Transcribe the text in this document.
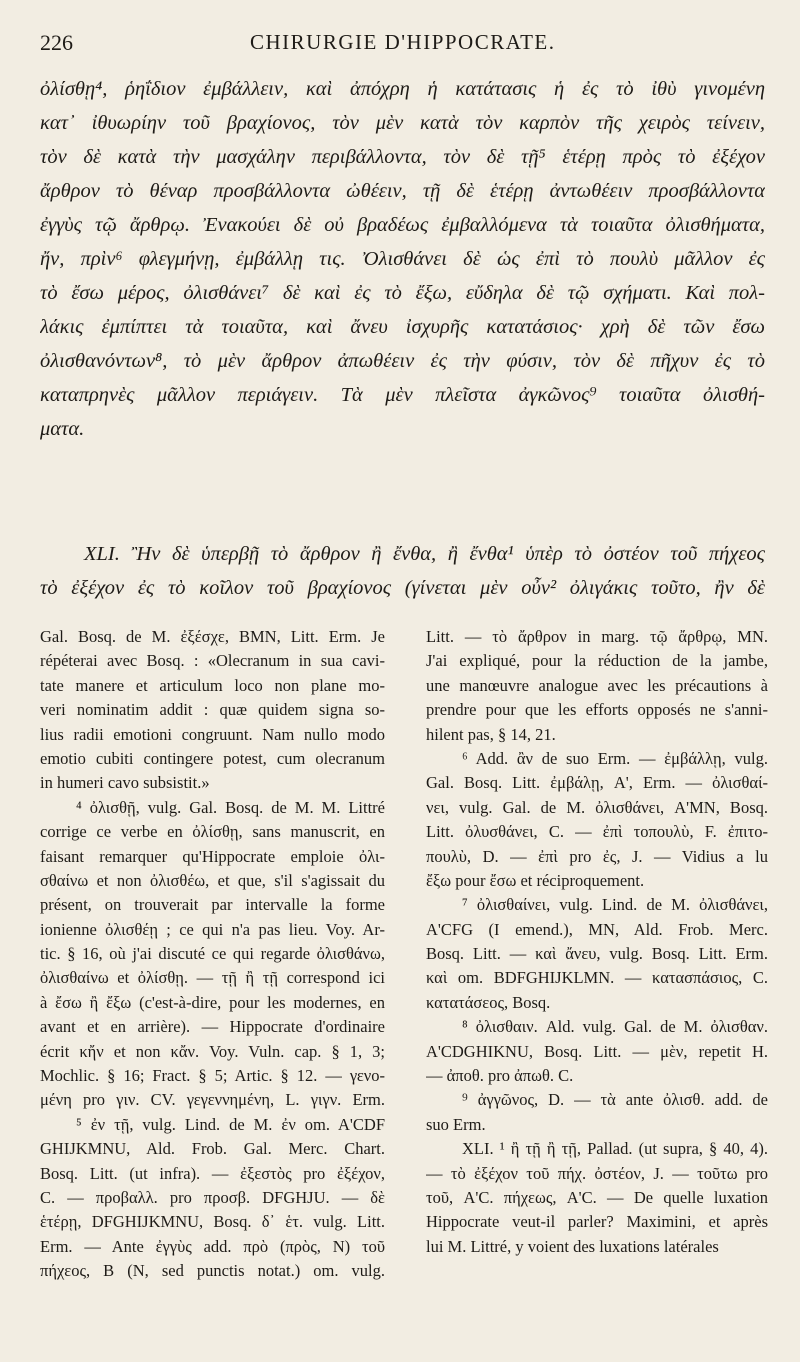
226	CHIRURGIE D'HIPPOCRATE.
ὀλίσθῃ⁴, ῥηΐδιον ἐμβάλλειν, καὶ ἀπόχρη ἡ κατάτασις ἡ ἐς τὸ ἰθὺ γινομένη
κατ᾽ ἰθυωρίην τοῦ βραχίονος, τὸν μὲν κατὰ τὸν καρπὸν τῆς χειρὸς τείνειν,
τὸν δὲ κατὰ τὴν μασχάλην περιβάλλοντα, τὸν δὲ τῇ⁵ ἑτέρῃ πρὸς τὸ ἐξέχον
ἄρθρον τὸ θέναρ προσβάλλοντα ὠθέειν, τῇ δὲ ἑτέρῃ ἀντωθέειν προσβάλλοντα
ἐγγὺς τῷ ἄρθρῳ. Ἐνακούει δὲ οὐ βραδέως ἐμβαλλόμενα τὰ τοιαῦτα ὀλισθήματα,
ἤν, πρὶν⁶ φλεγμήνῃ, ἐμβάλλῃ τις. Ὀλισθάνει δὲ ὡς ἐπὶ τὸ πουλὺ μᾶλλον ἐς
τὸ ἔσω μέρος, ὀλισθάνει⁷ δὲ καὶ ἐς τὸ ἔξω, εὔδηλα δὲ τῷ σχήματι. Καὶ πολ-
λάκις ἐμπίπτει τὰ τοιαῦτα, καὶ ἄνευ ἰσχυρῆς κατατάσιος· χρὴ δὲ τῶν ἔσω
ὀλισθανόντων⁸, τὸ μὲν ἄρθρον ἀπωθέειν ἐς τὴν φύσιν, τὸν δὲ πῆχυν ἐς τὸ
καταπρηνὲς μᾶλλον περιάγειν. Τὰ μὲν πλεῖστα ἀγκῶνος⁹ τοιαῦτα ὀλισθή-
ματα.
XLI. Ἢν δὲ ὑπερβῇ τὸ ἄρθρον ἢ ἔνθα, ἢ ἔνθα¹ ὑπὲρ τὸ ὀστέον τοῦ πήχεος
τὸ ἐξέχον ἐς τὸ κοῖλον τοῦ βραχίονος (γίνεται μὲν οὖν² ὀλιγάκις τοῦτο, ἢν δὲ
Gal. Bosq. de M. ἐξέσχε, BMN, Litt. Erm. Je
répéterai avec Bosq. : «Olecranum in sua cavi-
tate manere et articulum loco non plane mo-
veri nominatim addit : quæ quidem signa so-
lius radii emotioni congruunt. Nam nullo modo
emotio cubiti contingere potest, cum olecranum
in humeri cavo subsistit.»
⁴ ὀλισθῇ, vulg. Gal. Bosq. de M. M. Littré
corrige ce verbe en ὀλίσθῃ, sans manuscrit, en
faisant remarquer qu'Hippocrate emploie ὀλι-
σθαίνω et non ὀλισθέω, et que, s'il s'agissait du
présent, on trouverait par intervalle la forme
ionienne ὀλισθέῃ ; ce qui n'a pas lieu. Voy. Ar-
tic. § 16, où j'ai discuté ce qui regarde ὀλισθάνω,
ὀλισθαίνω et ὀλίσθῃ. — τῇ ἢ τῇ correspond ici
à ἔσω ἢ ἔξω (c'est-à-dire, pour les modernes, en
avant et en arrière). — Hippocrate d'ordinaire
écrit κἤν et non κἄν. Voy. Vuln. cap. § 1, 3;
Mochlic. § 16; Fract. § 5; Artic. § 12. — γενο-
μένη pro γιν. CV. γεγεννημένη, L. γιγν. Erm.
⁵ ἐν τῇ, vulg. Lind. de M. ἐν om. A'CDF
GHIJKMNU, Ald. Frob. Gal. Merc. Chart.
Bosq. Litt. (ut infra). — ἐξεστὸς pro ἐξέχον,
C. — προβαλλ. pro προσβ. DFGHJU. — δὲ
ἑτέρῃ, DFGHIJKMNU, Bosq. δ᾽ ἑτ. vulg. Litt.
Erm. — Ante ἐγγὺς add. πρὸ (πρὸς, N) τοῦ
πήχεος, B (N, sed punctis notat.) om. vulg.
Litt. — τὸ ἄρθρον in marg. τῷ ἄρθρῳ, MN.
J'ai expliqué, pour la réduction de la jambe,
une manœuvre analogue avec les précautions à
prendre pour que les efforts opposés ne s'anni-
hilent pas, § 14, 21.
⁶ Add. ἂν de suo Erm. — ἐμβάλλῃ, vulg.
Gal. Bosq. Litt. ἐμβάλῃ, A', Erm. — ὀλισθαί-
νει, vulg. Gal. de M. ὀλισθάνει, A'MN, Bosq.
Litt. ὀλυσθάνει, C. — ἐπὶ τοπουλὺ, F. ἐπιτο-
πουλὺ, D. — ἐπὶ pro ἐς, J. — Vidius a lu
ἔξω pour ἔσω et réciproquement.
⁷ ὀλισθαίνει, vulg. Lind. de M. ὀλισθάνει,
A'CFG (I emend.), MN, Ald. Frob. Merc.
Bosq. Litt. — καὶ ἄνευ, vulg. Bosq. Litt. Erm.
καὶ om. BDFGHIJKLMN. — κατασπάσιος, C.
κατατάσεος, Bosq.
⁸ ὀλισθαιν. Ald. vulg. Gal. de M. ὀλισθαν.
A'CDGHIKNU, Bosq. Litt. — μὲν, repetit H.
— ἀποθ. pro ἀπωθ. C.
⁹ ἀγγῶνος, D. — τὰ ante ὀλισθ. add. de
suo Erm.
XLI. ¹ ἢ τῇ ἢ τῇ, Pallad. (ut supra, § 40, 4).
— τὸ ἐξέχον τοῦ πήχ. ὀστέον, J. — τοῦτω pro
τοῦ, A'C. πήχεως, A'C. — De quelle luxation
Hippocrate veut-il parler? Maximini, et après
lui M. Littré, y voient des luxations latérales
